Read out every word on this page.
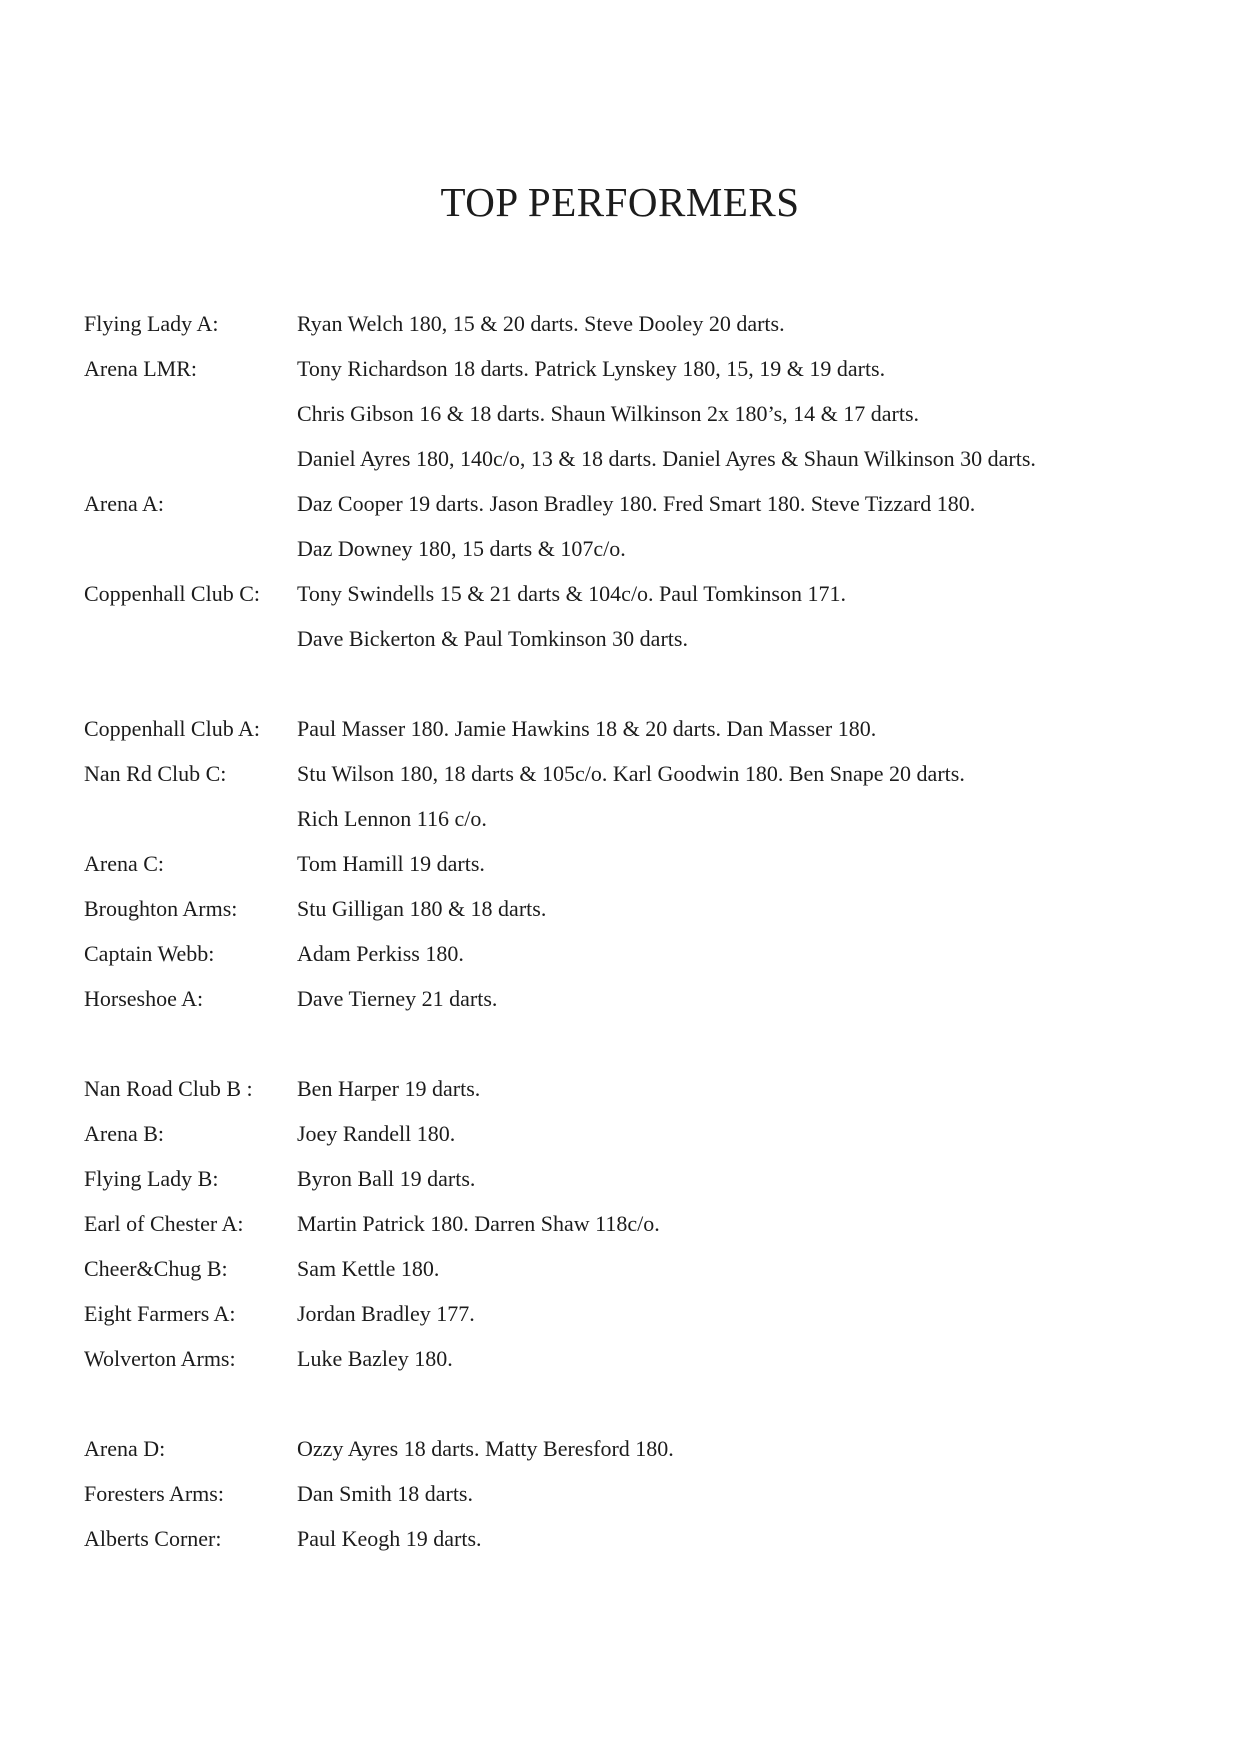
TOP PERFORMERS
Flying Lady A:	Ryan Welch 180, 15 & 20 darts. Steve Dooley 20 darts.
Arena LMR:	Tony Richardson 18 darts. Patrick Lynskey 180, 15, 19 & 19 darts.
Chris Gibson 16 & 18 darts. Shaun Wilkinson 2x 180’s, 14 & 17 darts.
Daniel Ayres 180, 140c/o, 13 & 18 darts. Daniel Ayres & Shaun Wilkinson 30 darts.
Arena A:	Daz Cooper 19 darts. Jason Bradley 180. Fred Smart 180. Steve Tizzard 180.
Daz Downey 180, 15 darts & 107c/o.
Coppenhall Club C:	Tony Swindells 15 & 21 darts & 104c/o. Paul Tomkinson 171.
Dave Bickerton & Paul Tomkinson 30 darts.
Coppenhall Club A:	Paul Masser 180. Jamie Hawkins 18 & 20 darts. Dan Masser 180.
Nan Rd Club C:	Stu Wilson 180, 18 darts & 105c/o. Karl Goodwin 180. Ben Snape 20 darts.
Rich Lennon 116 c/o.
Arena C:	Tom Hamill 19 darts.
Broughton Arms:	Stu Gilligan 180 & 18 darts.
Captain Webb:	Adam Perkiss 180.
Horseshoe A:	Dave Tierney 21 darts.
Nan Road Club B :	Ben Harper 19 darts.
Arena B:	Joey Randell 180.
Flying Lady B:	Byron Ball 19 darts.
Earl of Chester A:	Martin Patrick 180. Darren Shaw 118c/o.
Cheer&Chug B:	Sam Kettle 180.
Eight Farmers A:	Jordan Bradley 177.
Wolverton Arms:	Luke Bazley 180.
Arena D:	Ozzy Ayres 18 darts. Matty Beresford 180.
Foresters Arms:	Dan Smith 18 darts.
Alberts Corner:	Paul Keogh 19 darts.
